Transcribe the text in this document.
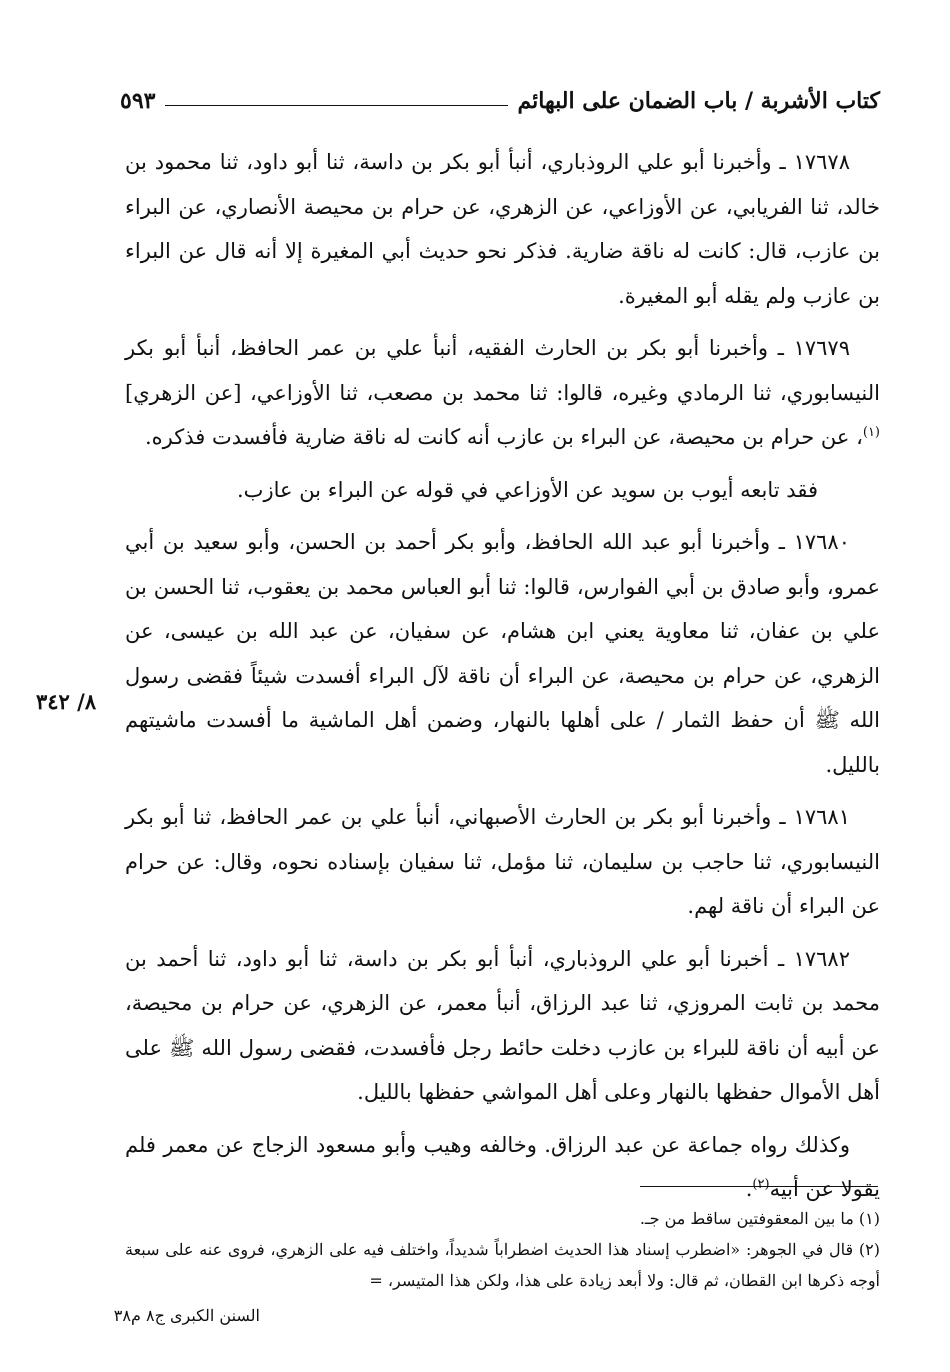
كتاب الأشربة / باب الضمان على البهائم
٥٩٣

١٧٦٧٨ ـ وأخبرنا أبو علي الروذباري، أنبأ أبو بكر بن داسة، ثنا أبو داود، ثنا محمود بن خالد، ثنا الفريابي، عن الأوزاعي، عن الزهري، عن حرام بن محيصة الأنصاري، عن البراء بن عازب، قال: كانت له ناقة ضارية. فذكر نحو حديث أبي المغيرة إلا أنه قال عن البراء بن عازب ولم يقله أبو المغيرة.

١٧٦٧٩ ـ وأخبرنا أبو بكر بن الحارث الفقيه، أنبأ علي بن عمر الحافظ، أنبأ أبو بكر النيسابوري، ثنا الرمادي وغيره، قالوا: ثنا محمد بن مصعب، ثنا الأوزاعي، [عن الزهري]$^{(١)}$، عن حرام بن محيصة، عن البراء بن عازب أنه كانت له ناقة ضارية فأفسدت فذكره.

فقد تابعه أيوب بن سويد عن الأوزاعي في قوله عن البراء بن عازب.

١٧٦٨٠ ـ وأخبرنا أبو عبد الله الحافظ، وأبو بكر أحمد بن الحسن، وأبو سعيد بن أبي عمرو، وأبو صادق بن أبي الفوارس، قالوا: ثنا أبو العباس محمد بن يعقوب، ثنا الحسن بن علي بن عفان، ثنا معاوية يعني ابن هشام، عن سفيان، عن عبد الله بن عيسى، عن الزهري، عن حرام بن محيصة، عن البراء أن ناقة لآل البراء أفسدت شيئاً فقضى رسول الله ﷺ أن حفظ الثمار / على أهلها بالنهار، وضمن أهل الماشية ما أفسدت ماشيتهم بالليل.

١٧٦٨١ ـ وأخبرنا أبو بكر بن الحارث الأصبهاني، أنبأ علي بن عمر الحافظ، ثنا أبو بكر النيسابوري، ثنا حاجب بن سليمان، ثنا مؤمل، ثنا سفيان بإسناده نحوه، وقال: عن حرام عن البراء أن ناقة لهم.

١٧٦٨٢ ـ أخبرنا أبو علي الروذباري، أنبأ أبو بكر بن داسة، ثنا أبو داود، ثنا أحمد بن محمد بن ثابت المروزي، ثنا عبد الرزاق، أنبأ معمر، عن الزهري، عن حرام بن محيصة، عن أبيه أن ناقة للبراء بن عازب دخلت حائط رجل فأفسدت، فقضى رسول الله ﷺ على أهل الأموال حفظها بالنهار وعلى أهل المواشي حفظها بالليل.

وكذلك رواه جماعة عن عبد الرزاق. وخالفه وهيب وأبو مسعود الزجاج عن معمر فلم يقولا عن أبيه$^{(٢)}$.

٨/ ٣٤٢

(١) ما بين المعقوفتين ساقط من جـ.

(٢) قال في الجوهر: «اضطرب إسناد هذا الحديث اضطراباً شديداً، واختلف فيه على الزهري، فروى عنه على سبعة أوجه ذكرها ابن القطان، ثم قال: ولا أبعد زيادة على هذا، ولكن هذا المتيسر، =

السنن الكبرى ج٨ م٣٨
